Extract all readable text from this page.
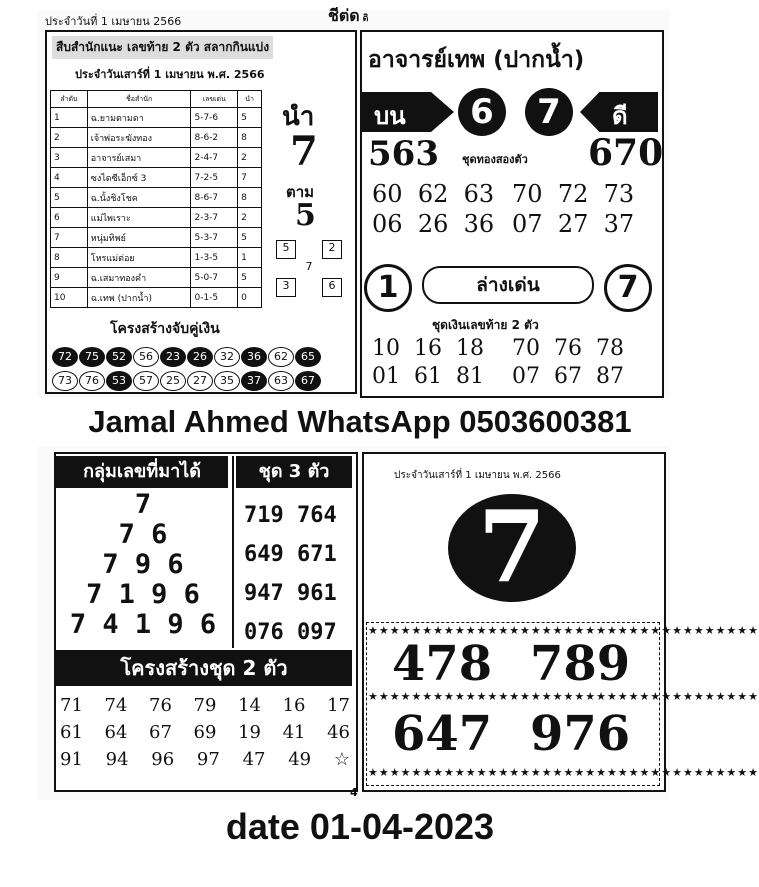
ประจำวันที่ 1 เมษายน 2566	ชีต่ด ดิ
สืบสำนักแนะ เลขท้าย 2 ตัว สลากกินแบ่ง
ประจำวันเสาร์ที่ 1 เมษายน พ.ศ. 2566
ลำดับ	ชื่อสำนัก	เลขเด่น	นำ
1	ฉ.ยามตามดา	5-7-6	5
2	เจ้าพ่อระฆังทอง	8-6-2	8
3	อาจารย์เสมา	2-4-7	2
4	ซงไดซีเอ็กซ์ 3	7-2-5	7
5	ฉ.นั้งชิงโชค	8-6-7	8
6	แม่ไพเราะ	2-3-7	2
7	หนุ่มทิพย์	5-3-7	5
8	โหรแม่ต่อย	1-3-5	1
9	ฉ.เสมาทองคำ	5-0-7	5
10	ฉ.เทพ (ปากน้ำ)	0-1-5	0
นำ
7
ตาม
5
5	2
7
3	6
โครงสร้างจับคู่เงิน
72 75 52 56 23 26 32 36 62 65
73 76 53 57 25 27 35 37 63 67
อาจารย์เทพ (ปากน้ำ)
บน	6	7	ดี
563 ชุดทองสองตัว 670
60 62 63 70 72 73
06 26 36 07 27 37
1	ล่างเด่น	7
ชุดเงินเลขท้าย 2 ตัว
10 16 18 70 76 78
01 61 81 07 67 87
Jamal Ahmed WhatsApp 0503600381
กลุ่มเลขที่มาได้	ชุด 3 ตัว
7
7 6
7 9 6
7 1 9 6
7 4 1 9 6
719 764
649 671
947 961
076 097
โครงสร้างชุด 2 ตัว
71 74 76 79 14 16 17
61 64 67 69 19 41 46
91 94 96 97 47 49 ☆
ประจำวันเสาร์ที่ 1 เมษายน พ.ศ. 2566
7
★★★★★★★★★★★★★★★★★★★★★★★★★★★★★★★★★★★★
★★★★★★★★★★★★★★★★★★★★★★★★★★★★★★★★★★★★
★★★★★★★★★★★★★★★★★★★★★★★★★★★★★★★★★★★★
478 789
647 976
4
date 01-04-2023
